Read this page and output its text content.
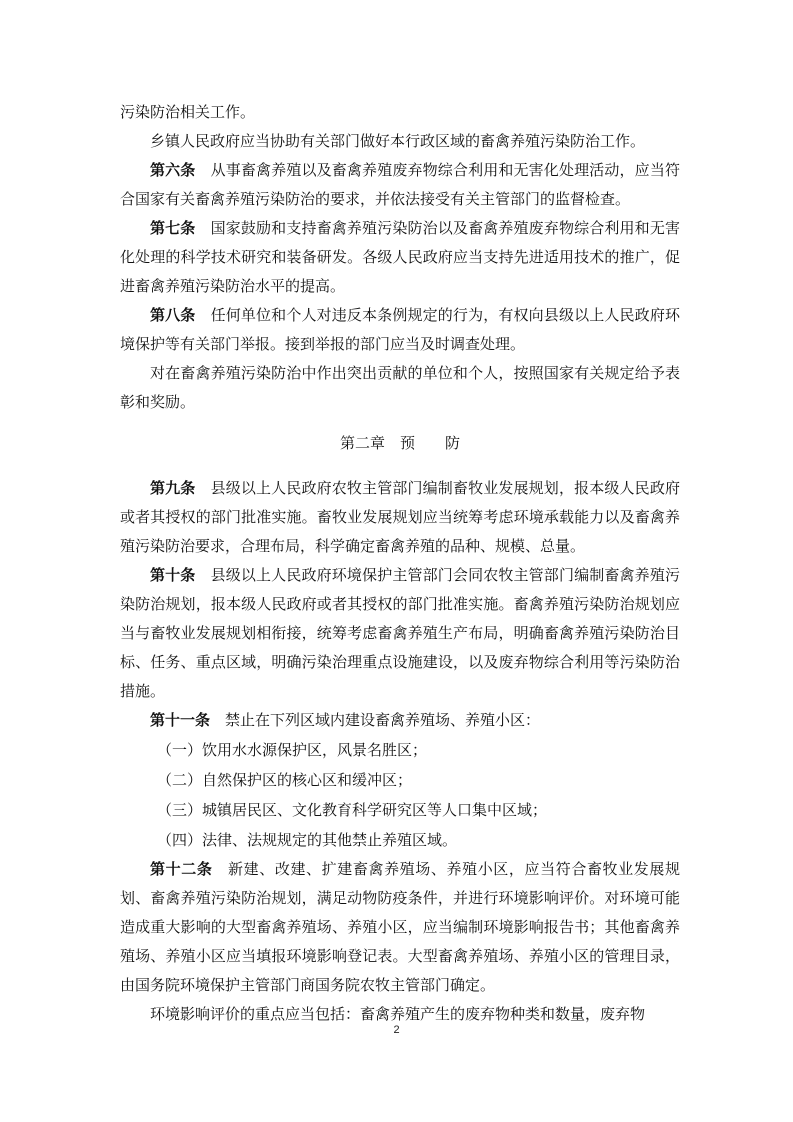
污染防治相关工作。

乡镇人民政府应当协助有关部门做好本行政区域的畜禽养殖污染防治工作。

第六条　 从事畜禽养殖以及畜禽养殖废弃物综合利用和无害化处理活动，应当符合国家有关畜禽养殖污染防治的要求，并依法接受有关主管部门的监督检查。

第七条　 国家鼓励和支持畜禽养殖污染防治以及畜禽养殖废弃物综合利用和无害化处理的科学技术研究和装备研发。各级人民政府应当支持先进适用技术的推广，促进畜禽养殖污染防治水平的提高。

第八条　 任何单位和个人对违反本条例规定的行为，有权向县级以上人民政府环境保护等有关部门举报。接到举报的部门应当及时调查处理。

对在畜禽养殖污染防治中作出突出贡献的单位和个人，按照国家有关规定给予表彰和奖励。

第二章　预　　防

第九条　 县级以上人民政府农牧主管部门编制畜牧业发展规划，报本级人民政府或者其授权的部门批准实施。畜牧业发展规划应当统筹考虑环境承载能力以及畜禽养殖污染防治要求，合理布局，科学确定畜禽养殖的品种、规模、总量。

第十条　 县级以上人民政府环境保护主管部门会同农牧主管部门编制畜禽养殖污染防治规划，报本级人民政府或者其授权的部门批准实施。畜禽养殖污染防治规划应当与畜牧业发展规划相衔接，统筹考虑畜禽养殖生产布局，明确畜禽养殖污染防治目标、任务、重点区域，明确污染治理重点设施建设，以及废弃物综合利用等污染防治措施。

第十一条　 禁止在下列区域内建设畜禽养殖场、养殖小区：

（一）饮用水水源保护区，风景名胜区；

（二）自然保护区的核心区和缓冲区；

（三）城镇居民区、文化教育科学研究区等人口集中区域；

（四）法律、法规规定的其他禁止养殖区域。

第十二条　 新建、改建、扩建畜禽养殖场、养殖小区，应当符合畜牧业发展规划、畜禽养殖污染防治规划，满足动物防疫条件，并进行环境影响评价。对环境可能造成重大影响的大型畜禽养殖场、养殖小区，应当编制环境影响报告书；其他畜禽养殖场、养殖小区应当填报环境影响登记表。大型畜禽养殖场、养殖小区的管理目录，由国务院环境保护主管部门商国务院农牧主管部门确定。

环境影响评价的重点应当包括：畜禽养殖产生的废弃物种类和数量，废弃物

2
